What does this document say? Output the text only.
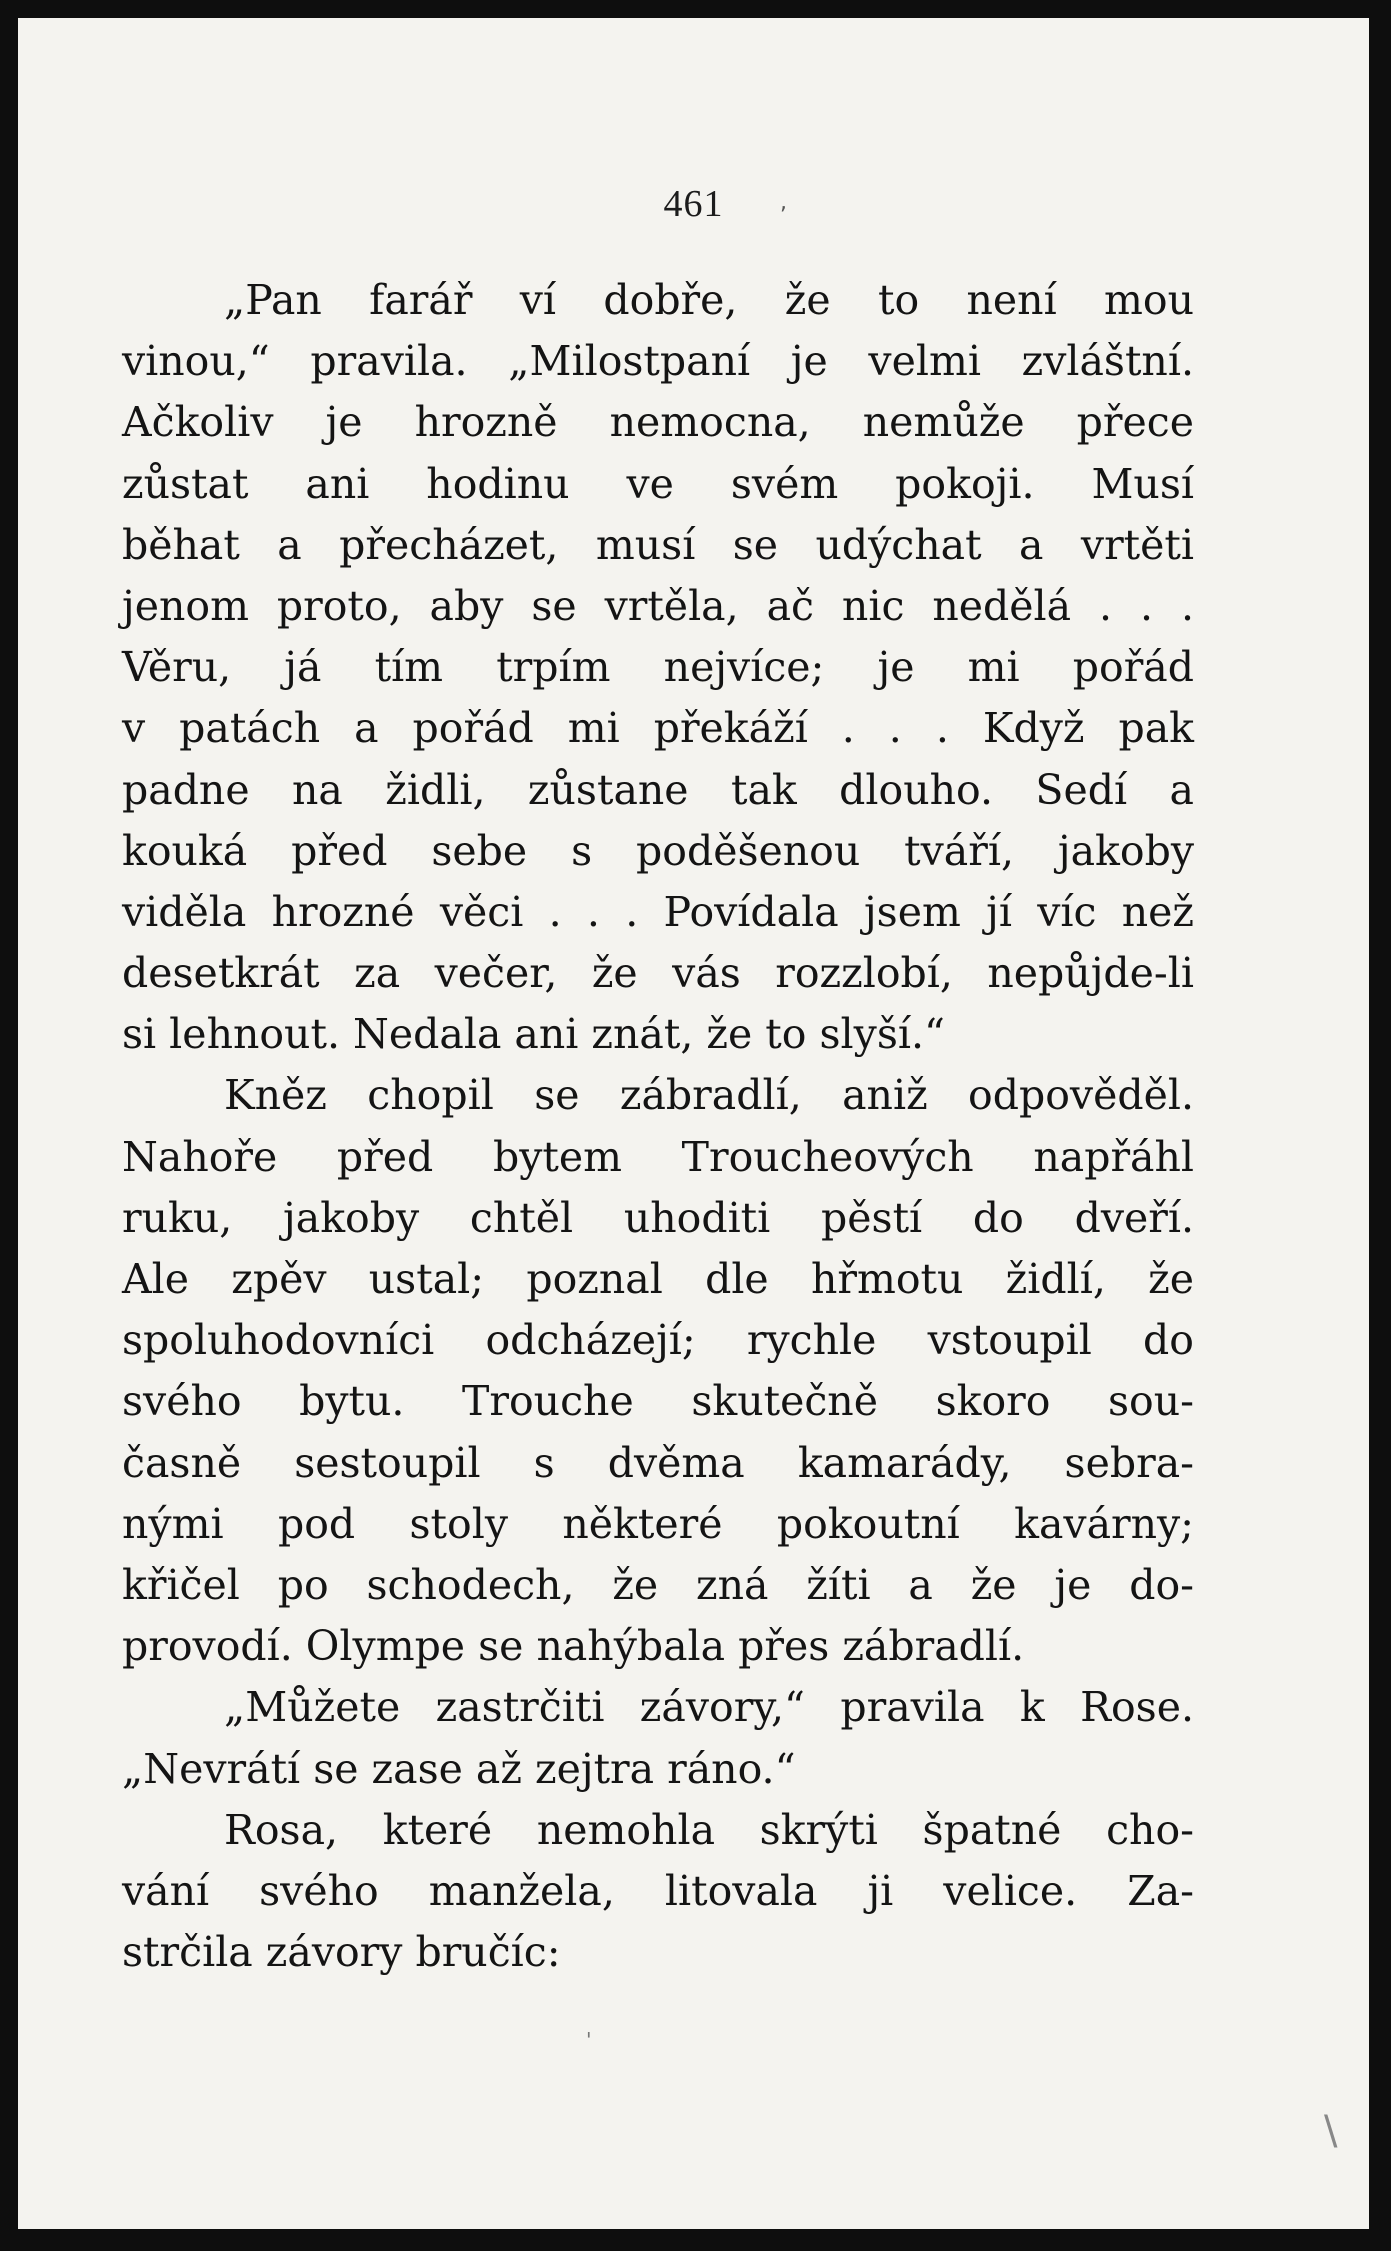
461
„Pan farář ví dobře, že to není mou
vinou,“ pravila. „Milostpaní je velmi zvláštní.
Ačkoliv je hrozně nemocna, nemůže přece
zůstat ani hodinu ve svém pokoji. Musí
běhat a přecházet, musí se udýchat a vrtěti
jenom proto, aby se vrtěla, ač nic nedělá . . .
Věru, já tím trpím nejvíce; je mi pořád
v patách a pořád mi překáží . . . Když pak
padne na židli, zůstane tak dlouho. Sedí a
kouká před sebe s poděšenou tváří, jakoby
viděla hrozné věci . . . Povídala jsem jí víc než
desetkrát za večer, že vás rozzlobí, nepůjde-li
si lehnout. Nedala ani znát, že to slyší.“
Kněz chopil se zábradlí, aniž odpověděl.
Nahoře před bytem Troucheových napřáhl
ruku, jakoby chtěl uhoditi pěstí do dveří.
Ale zpěv ustal; poznal dle hřmotu židlí, že
spoluhodovníci odcházejí; rychle vstoupil do
svého bytu. Trouche skutečně skoro sou-
časně sestoupil s dvěma kamarády, sebra-
nými pod stoly některé pokoutní kavárny;
křičel po schodech, že zná žíti a že je do-
provodí. Olympe se nahýbala přes zábradlí.
„Můžete zastrčiti závory,“ pravila k Rose.
„Nevrátí se zase až zejtra ráno.“
Rosa, které nemohla skrýti špatné cho-
vání svého manžela, litovala ji velice. Za-
strčila závory bručíc:
,
\
'
